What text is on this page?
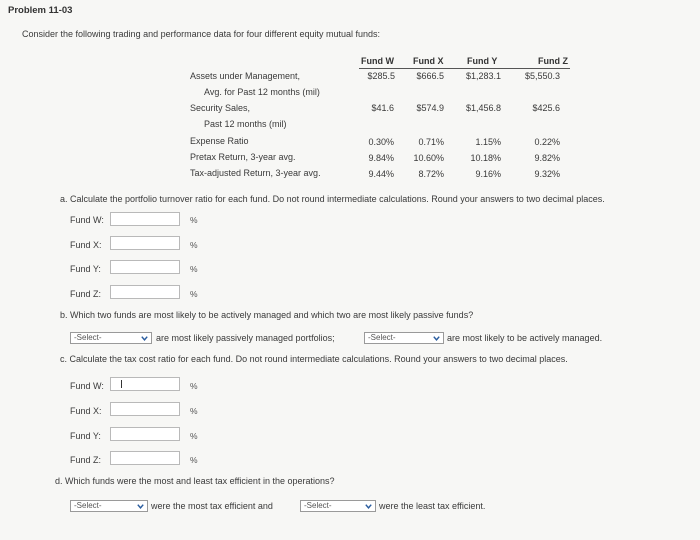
Problem 11-03
Consider the following trading and performance data for four different equity mutual funds:
Fund W Fund X	Fund Y	Fund Z
Assets under Management,	$285.5	$666.5	$1,283.1	$5,550.3
Avg. for Past 12 months (mil)
Security Sales,	$41.6	$574.9	$1,456.8	$425.6
Past 12 months (mil)
Expense Ratio	0.30%	0.71%	1.15%	0.22%
Pretax Return, 3-year avg.	9.84%	10.60%	10.18%	9.82%
Tax-adjusted Return, 3-year avg.	9.44%	8.72%	9.16%	9.32%
a. Calculate the portfolio turnover ratio for each fund. Do not round intermediate calculations. Round your answers to two decimal places.
Fund W:	%
Fund X:	%
Fund Y:	%
Fund Z:	%
b. Which two funds are most likely to be actively managed and which two are most likely passive funds?
-Select-	are most likely passively managed portfolios;	-Select-	are most likely to be actively managed.
c. Calculate the tax cost ratio for each fund. Do not round intermediate calculations. Round your answers to two decimal places.
Fund W:	%
Fund X:	%
Fund Y:	%
Fund Z:	%
d. Which funds were the most and least tax efficient in the operations?
-Select-	were the most tax efficient and	-Select-	were the least tax efficient.
